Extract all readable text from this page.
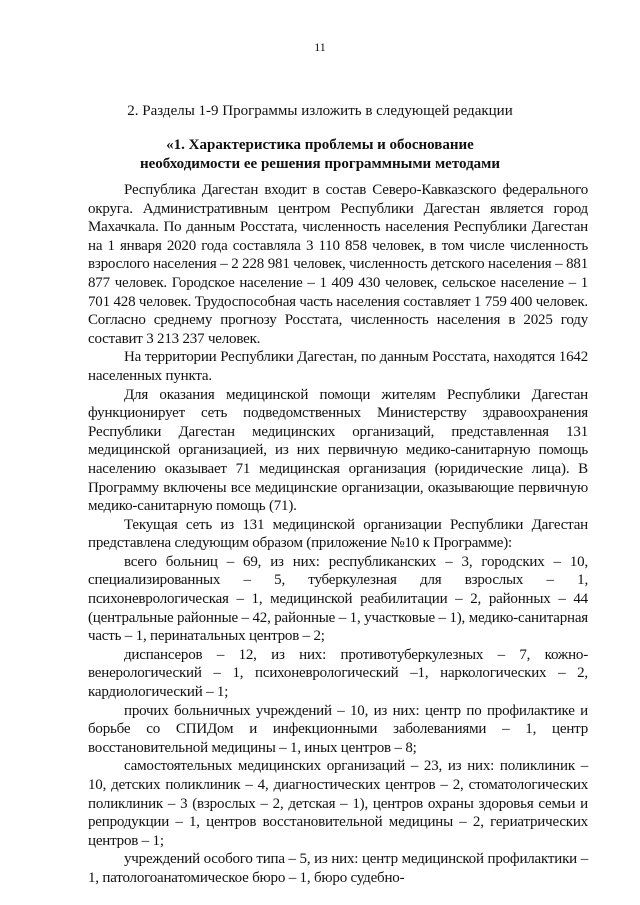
11
2. Разделы 1-9 Программы изложить в следующей редакции
«1. Характеристика проблемы и обоснование
необходимости ее решения программными методами

Республика Дагестан входит в состав Северо-Кавказского федерального округа. Административным центром Республики Дагестан является город Махачкала. По данным Росстата, численность населения Республики Дагестан на 1 января 2020 года составляла 3 110 858 человек, в том числе численность взрослого населения – 2 228 981 человек, численность детского населения – 881 877 человек. Городское население – 1 409 430 человек, сельское население – 1 701 428 человек. Трудоспособная часть населения составляет 1 759 400 человек. Согласно среднему прогнозу Росстата, численность населения в 2025 году составит 3 213 237 человек.

На территории Республики Дагестан, по данным Росстата, находятся 1642 населенных пункта.

Для оказания медицинской помощи жителям Республики Дагестан функционирует сеть подведомственных Министерству здравоохранения Республики Дагестан медицинских организаций, представленная 131 медицинской организацией, из них первичную медико-санитарную помощь населению оказывает 71 медицинская организация (юридические лица). В Программу включены все медицинские организации, оказывающие первичную медико-санитарную помощь (71).

Текущая сеть из 131 медицинской организации Республики Дагестан представлена следующим образом (приложение №10 к Программе):

всего больниц – 69, из них: республиканских – 3, городских – 10, специализированных – 5, туберкулезная для взрослых – 1, психоневрологическая – 1, медицинской реабилитации – 2, районных – 44 (центральные районные – 42, районные – 1, участковые – 1), медико-санитарная часть – 1, перинатальных центров – 2;

диспансеров – 12, из них: противотуберкулезных – 7, кожно-венерологический – 1, психоневрологический –1, наркологических – 2, кардиологический – 1;

прочих больничных учреждений – 10, из них: центр по профилактике и борьбе со СПИДом и инфекционными заболеваниями – 1, центр восстановительной медицины – 1, иных центров – 8;

самостоятельных медицинских организаций – 23, из них: поликлиник – 10, детских поликлиник – 4, диагностических центров – 2, стоматологических поликлиник – 3 (взрослых – 2, детская – 1), центров охраны здоровья семьи и репродукции – 1, центров восстановительной медицины – 2, гериатрических центров – 1;

учреждений особого типа – 5, из них: центр медицинской профилактики – 1, патологоанатомическое бюро – 1, бюро судебно-
